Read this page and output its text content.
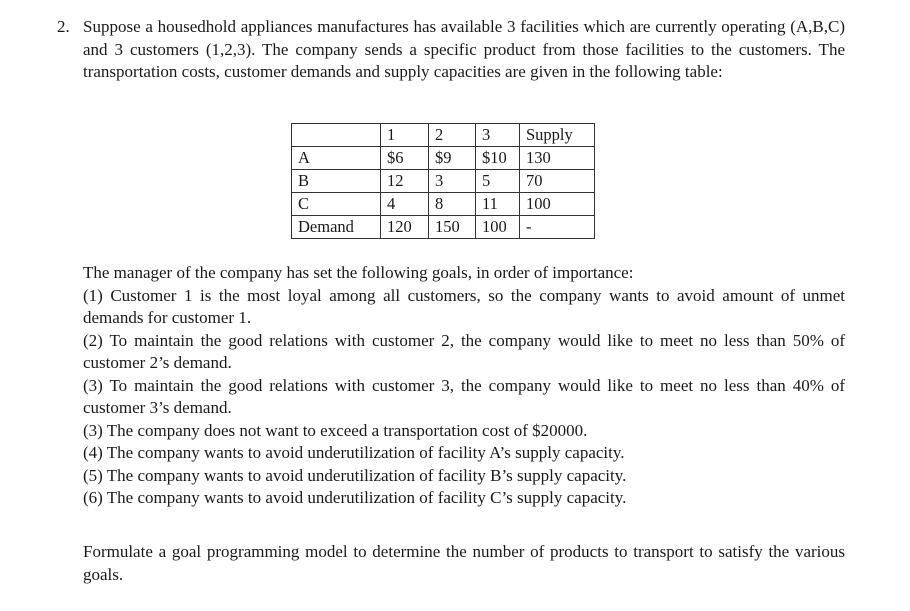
2. Suppose a housedhold appliances manufactures has available 3 facilities which are currently operating (A,B,C) and 3 customers (1,2,3). The company sends a specific product from those facilities to the customers. The transportation costs, customer demands and supply capacities are given in the following table:
	1	2	3	Supply
A	$6	$9	$10	130
B	12	3	5	70
C	4	8	11	100
Demand	120	150	100	-
The manager of the company has set the following goals, in order of importance:
(1) Customer 1 is the most loyal among all customers, so the company wants to avoid amount of unmet demands for customer 1.
(2) To maintain the good relations with customer 2, the company would like to meet no less than 50% of customer 2’s demand.
(3) To maintain the good relations with customer 3, the company would like to meet no less than 40% of customer 3’s demand.
(3) The company does not want to exceed a transportation cost of $20000.
(4) The company wants to avoid underutilization of facility A’s supply capacity.
(5) The company wants to avoid underutilization of facility B’s supply capacity.
(6) The company wants to avoid underutilization of facility C’s supply capacity.
Formulate a goal programming model to determine the number of products to transport to satisfy the various goals.
